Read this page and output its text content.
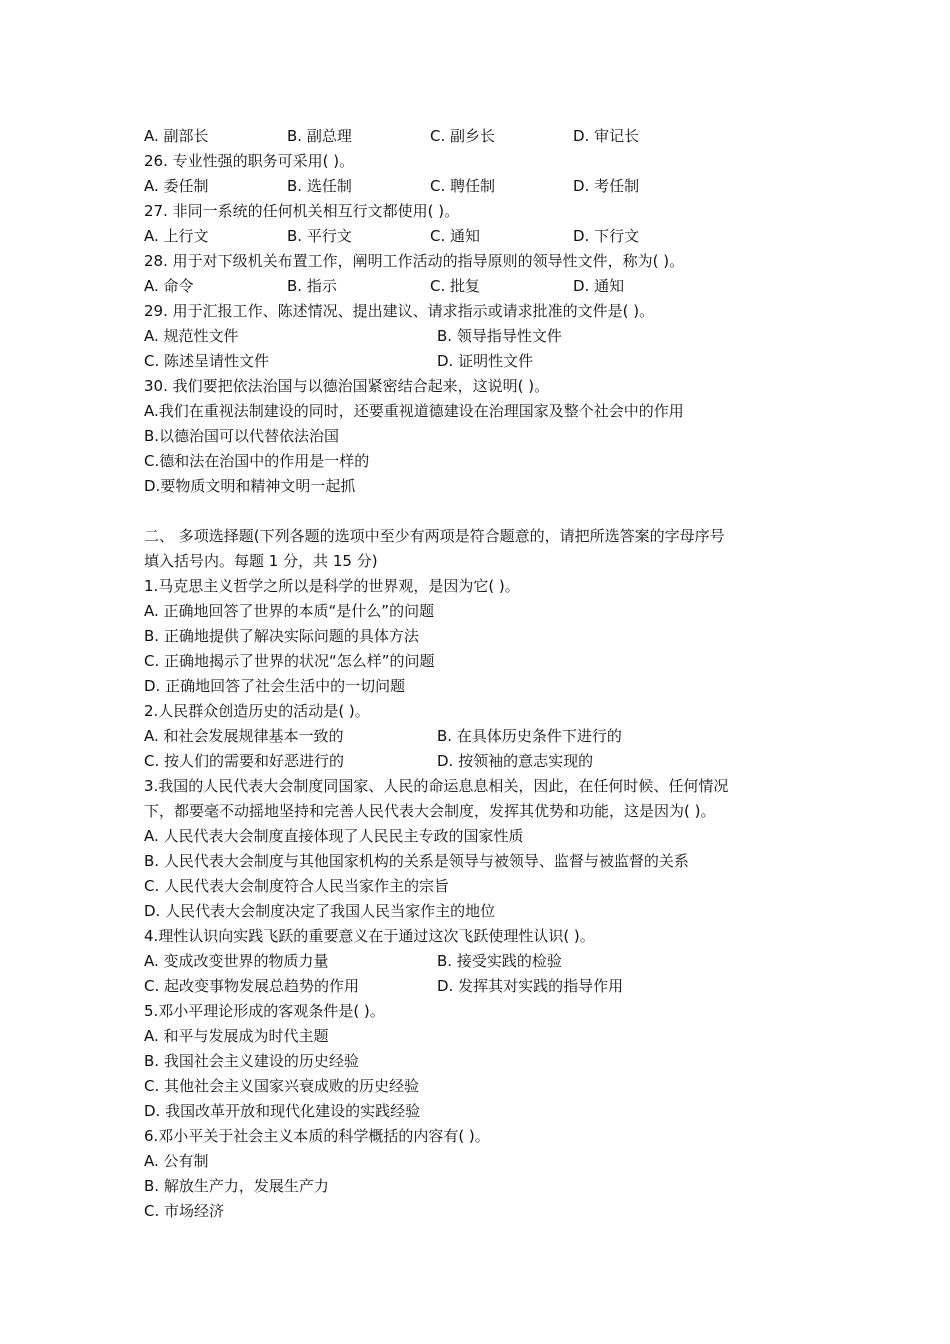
A. 副部长	B. 副总理	C. 副乡长	D. 审记长
26. 专业性强的职务可采用( )。
A. 委任制	B. 选任制	C. 聘任制	D. 考任制
27. 非同一系统的任何机关相互行文都使用( )。
A. 上行文	B. 平行文	C. 通知	D. 下行文
28. 用于对下级机关布置工作，阐明工作活动的指导原则的领导性文件，称为( )。
A. 命令	B. 指示	C. 批复	D. 通知
29. 用于汇报工作、陈述情况、提出建议、请求指示或请求批准的文件是( )。
A. 规范性文件	B. 领导指导性文件
C. 陈述呈请性文件	D. 证明性文件
30. 我们要把依法治国与以德治国紧密结合起来，这说明( )。
A.我们在重视法制建设的同时，还要重视道德建设在治理国家及整个社会中的作用
B.以德治国可以代替依法治国
C.德和法在治国中的作用是一样的
D.要物质文明和精神文明一起抓
二、 多项选择题(下列各题的选项中至少有两项是符合题意的，请把所选答案的字母序号
填入括号内。每题 1 分，共 15 分)
1.马克思主义哲学之所以是科学的世界观，是因为它( )。
A. 正确地回答了世界的本质“是什么”的问题
B. 正确地提供了解决实际问题的具体方法
C. 正确地揭示了世界的状况“怎么样”的问题
D. 正确地回答了社会生活中的一切问题
2.人民群众创造历史的活动是( )。
A. 和社会发展规律基本一致的	B. 在具体历史条件下进行的
C. 按人们的需要和好恶进行的	D. 按领袖的意志实现的
3.我国的人民代表大会制度同国家、人民的命运息息相关，因此，在任何时候、任何情况
下，都要毫不动摇地坚持和完善人民代表大会制度，发挥其优势和功能，这是因为( )。
A. 人民代表大会制度直接体现了人民民主专政的国家性质
B. 人民代表大会制度与其他国家机构的关系是领导与被领导、监督与被监督的关系
C. 人民代表大会制度符合人民当家作主的宗旨
D. 人民代表大会制度决定了我国人民当家作主的地位
4.理性认识向实践飞跃的重要意义在于通过这次飞跃使理性认识( )。
A. 变成改变世界的物质力量	B. 接受实践的检验
C. 起改变事物发展总趋势的作用	D. 发挥其对实践的指导作用
5.邓小平理论形成的客观条件是( )。
A. 和平与发展成为时代主题
B. 我国社会主义建设的历史经验
C. 其他社会主义国家兴衰成败的历史经验
D. 我国改革开放和现代化建设的实践经验
6.邓小平关于社会主义本质的科学概括的内容有( )。
A. 公有制
B. 解放生产力，发展生产力
C. 市场经济
